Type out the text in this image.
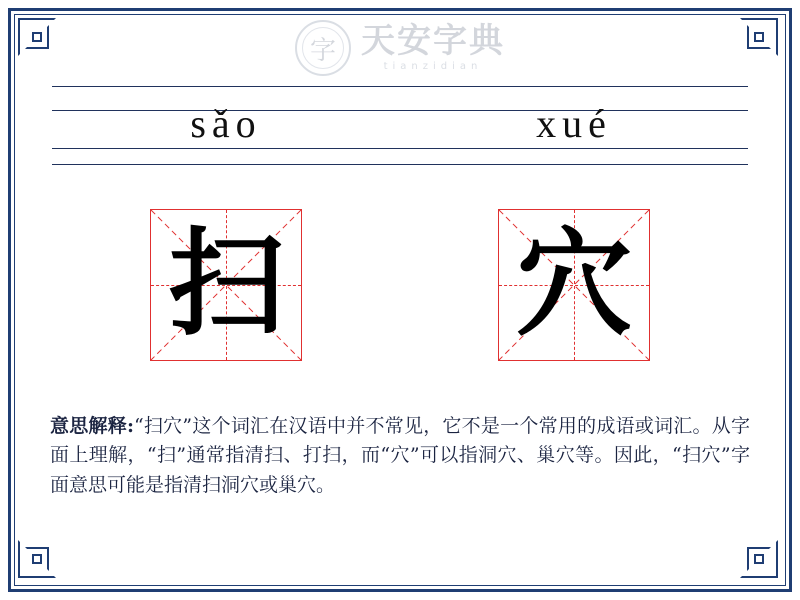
字 天安字典
tianzidian
sǎo	xué
扫 穴
意思解释:“扫穴”这个词汇在汉语中并不常见，它不是一个常用的成语或词汇。从字面上理解，“扫”通常指清扫、打扫，而“穴”可以指洞穴、巢穴等。因此，“扫穴”字面意思可能是指清扫洞穴或巢穴。
